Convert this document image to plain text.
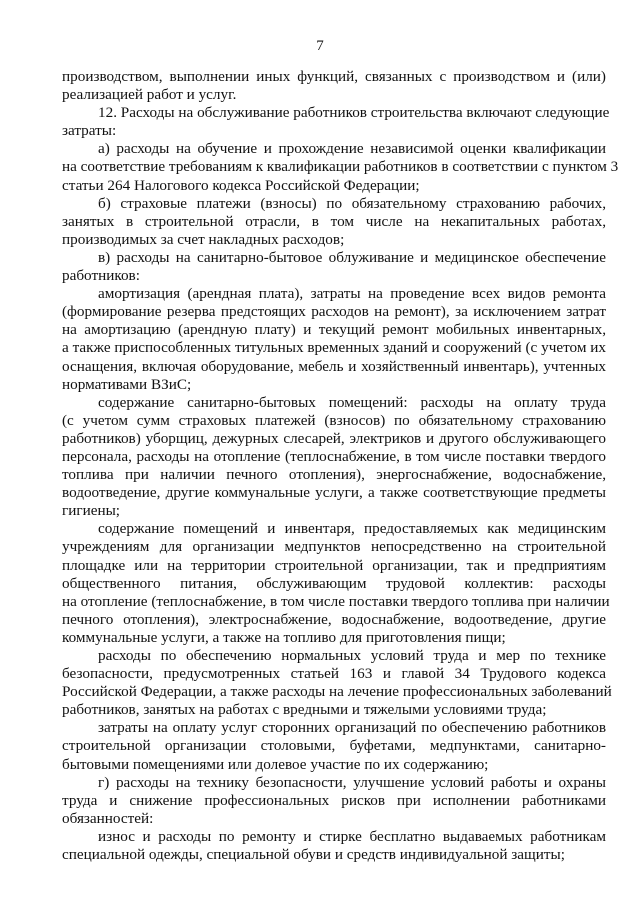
7
производством, выполнении иных функций, связанных с производством и (или)
реализацией работ и услуг.
12. Расходы на обслуживание работников строительства включают следующие
затраты:
а) расходы на обучение и прохождение независимой оценки квалификации
на соответствие требованиям к квалификации работников в соответствии с пунктом 3
статьи 264 Налогового кодекса Российской Федерации;
б) страховые платежи (взносы) по обязательному страхованию рабочих,
занятых в строительной отрасли, в том числе на некапитальных работах,
производимых за счет накладных расходов;
в) расходы на санитарно-бытовое облуживание и медицинское обеспечение
работников:
амортизация (арендная плата), затраты на проведение всех видов ремонта
(формирование резерва предстоящих расходов на ремонт), за исключением затрат
на амортизацию (арендную плату) и текущий ремонт мобильных инвентарных,
а также приспособленных титульных временных зданий и сооружений (с учетом их
оснащения, включая оборудование, мебель и хозяйственный инвентарь), учтенных
нормативами ВЗиС;
содержание санитарно-бытовых помещений: расходы на оплату труда
(с учетом сумм страховых платежей (взносов) по обязательному страхованию
работников) уборщиц, дежурных слесарей, электриков и другого обслуживающего
персонала, расходы на отопление (теплоснабжение, в том числе поставки твердого
топлива при наличии печного отопления), энергоснабжение, водоснабжение,
водоотведение, другие коммунальные услуги, а также соответствующие предметы
гигиены;
содержание помещений и инвентаря, предоставляемых как медицинским
учреждениям для организации медпунктов непосредственно на строительной
площадке или на территории строительной организации, так и предприятиям
общественного питания, обслуживающим трудовой коллектив: расходы
на отопление (теплоснабжение, в том числе поставки твердого топлива при наличии
печного отопления), электроснабжение, водоснабжение, водоотведение, другие
коммунальные услуги, а также на топливо для приготовления пищи;
расходы по обеспечению нормальных условий труда и мер по технике
безопасности, предусмотренных статьей 163 и главой 34 Трудового кодекса
Российской Федерации, а также расходы на лечение профессиональных заболеваний
работников, занятых на работах с вредными и тяжелыми условиями труда;
затраты на оплату услуг сторонних организаций по обеспечению работников
строительной организации столовыми, буфетами, медпунктами, санитарно-
бытовыми помещениями или долевое участие по их содержанию;
г) расходы на технику безопасности, улучшение условий работы и охраны
труда и снижение профессиональных рисков при исполнении работниками
обязанностей:
износ и расходы по ремонту и стирке бесплатно выдаваемых работникам
специальной одежды, специальной обуви и средств индивидуальной защиты;
